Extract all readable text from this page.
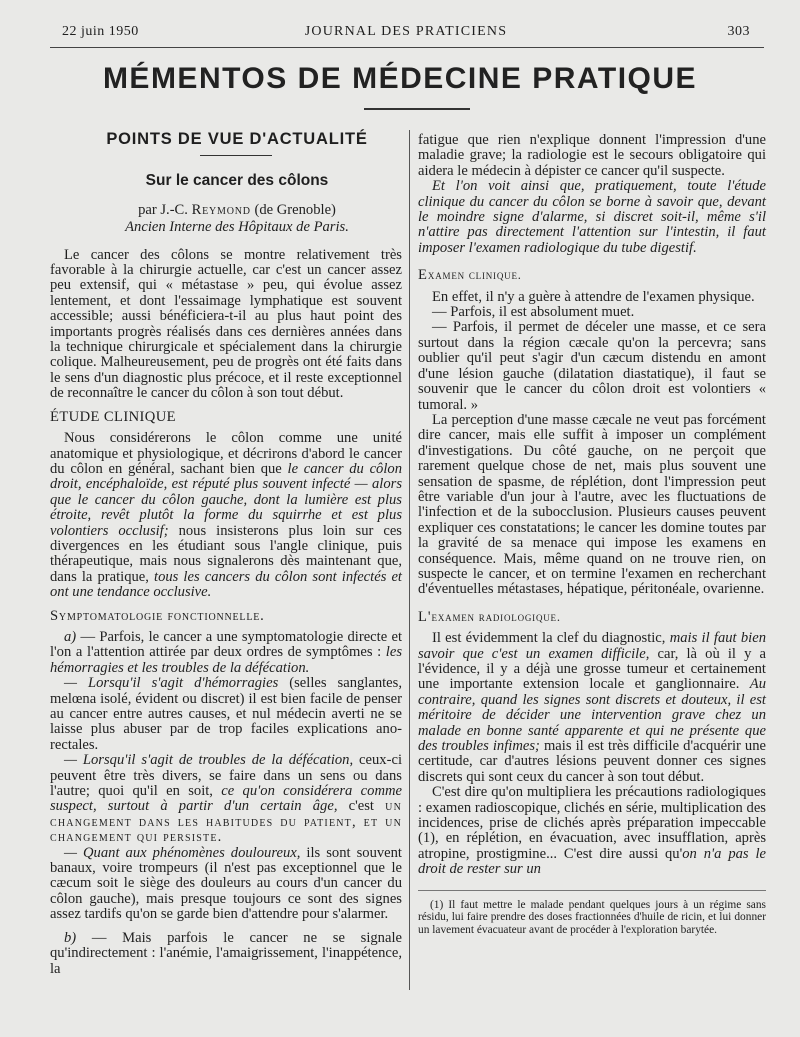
22 juin 1950	JOURNAL DES PRATICIENS	303
MÉMENTOS DE MÉDECINE PRATIQUE
POINTS DE VUE D'ACTUALITÉ
Sur le cancer des côlons
par J.-C. Reymond (de Grenoble)
Ancien Interne des Hôpitaux de Paris.

Le cancer des côlons se montre relativement très favorable à la chirurgie actuelle, car c'est un cancer assez peu extensif, qui « métastase » peu, qui évolue assez lentement, et dont l'essaimage lymphatique est souvent accessible; aussi bénéficiera-t-il au plus haut point des importants progrès réalisés dans ces dernières années dans la technique chirurgicale et spécialement dans la chirurgie colique. Malheureusement, peu de progrès ont été faits dans le sens d'un diagnostic plus précoce, et il reste exceptionnel de reconnaître le cancer du côlon à son tout début.

ÉTUDE CLINIQUE

Nous considérerons le côlon comme une unité anatomique et physiologique, et décrirons d'abord le cancer du côlon en général, sachant bien que le cancer du côlon droit, encéphaloïde, est réputé plus souvent infecté — alors que le cancer du côlon gauche, dont la lumière est plus étroite, revêt plutôt la forme du squirrhe et est plus volontiers occlusif; nous insisterons plus loin sur ces divergences en les étudiant sous l'angle clinique, puis thérapeutique, mais nous signalerons dès maintenant que, dans la pratique, tous les cancers du côlon sont infectés et ont une tendance occlusive.

Symptomatologie fonctionnelle.

a) — Parfois, le cancer a une symptomatologie directe et l'on a l'attention attirée par deux ordres de symptômes : les hémorragies et les troubles de la défécation.

— Lorsqu'il s'agit d'hémorragies (selles sanglantes, melœna isolé, évident ou discret) il est bien facile de penser au cancer entre autres causes, et nul médecin averti ne se laisse plus abuser par de trop faciles explications ano-rectales.

— Lorsqu'il s'agit de troubles de la défécation, ceux-ci peuvent être très divers, se faire dans un sens ou dans l'autre; quoi qu'il en soit, ce qu'on considérera comme suspect, surtout à partir d'un certain âge, c'est un changement dans les habitudes du patient, et un changement qui persiste.

— Quant aux phénomènes douloureux, ils sont souvent banaux, voire trompeurs (il n'est pas exceptionnel que le cæcum soit le siège des douleurs au cours d'un cancer du côlon gauche), mais presque toujours ce sont des signes assez tardifs qu'on se garde bien d'attendre pour s'alarmer.

b) — Mais parfois le cancer ne se signale qu'indirectement : l'anémie, l'amaigrissement, l'inappétence, la

fatigue que rien n'explique donnent l'impression d'une maladie grave; la radiologie est le secours obligatoire qui aidera le médecin à dépister ce cancer qu'il suspecte.

Et l'on voit ainsi que, pratiquement, toute l'étude clinique du cancer du côlon se borne à savoir que, devant le moindre signe d'alarme, si discret soit-il, même s'il n'attire pas directement l'attention sur l'intestin, il faut imposer l'examen radiologique du tube digestif.

Examen clinique.

En effet, il n'y a guère à attendre de l'examen physique.

— Parfois, il est absolument muet.

— Parfois, il permet de déceler une masse, et ce sera surtout dans la région cæcale qu'on la percevra; sans oublier qu'il peut s'agir d'un cæcum distendu en amont d'une lésion gauche (dilatation diastatique), il faut se souvenir que le cancer du côlon droit est volontiers « tumoral. »

La perception d'une masse cæcale ne veut pas forcément dire cancer, mais elle suffit à imposer un complément d'investigations. Du côté gauche, on ne perçoit que rarement quelque chose de net, mais plus souvent une sensation de spasme, de réplétion, dont l'impression peut être variable d'un jour à l'autre, avec les fluctuations de l'infection et de la subocclusion. Plusieurs causes peuvent expliquer ces constatations; le cancer les domine toutes par la gravité de sa menace qui impose les examens en conséquence. Mais, même quand on ne trouve rien, on suspecte le cancer, et on termine l'examen en recherchant d'éventuelles métastases, hépatique, péritonéale, ovarienne.

L'examen radiologique.

Il est évidemment la clef du diagnostic, mais il faut bien savoir que c'est un examen difficile, car, là où il y a l'évidence, il y a déjà une grosse tumeur et certainement une importante extension locale et ganglionnaire. Au contraire, quand les signes sont discrets et douteux, il est méritoire de décider une intervention grave chez un malade en bonne santé apparente et qui ne présente que des troubles infimes; mais il est très difficile d'acquérir une certitude, car d'autres lésions peuvent donner ces signes discrets qui sont ceux du cancer à son tout début.

C'est dire qu'on multipliera les précautions radiologiques : examen radioscopique, clichés en série, multiplication des incidences, prise de clichés après préparation impeccable (1), en réplétion, en évacuation, avec insufflation, après atropine, prostigmine... C'est dire aussi qu'on n'a pas le droit de rester sur un

(1) Il faut mettre le malade pendant quelques jours à un régime sans résidu, lui faire prendre des doses fractionnées d'huile de ricin, et lui donner un lavement évacuateur avant de procéder à l'exploration barytée.
